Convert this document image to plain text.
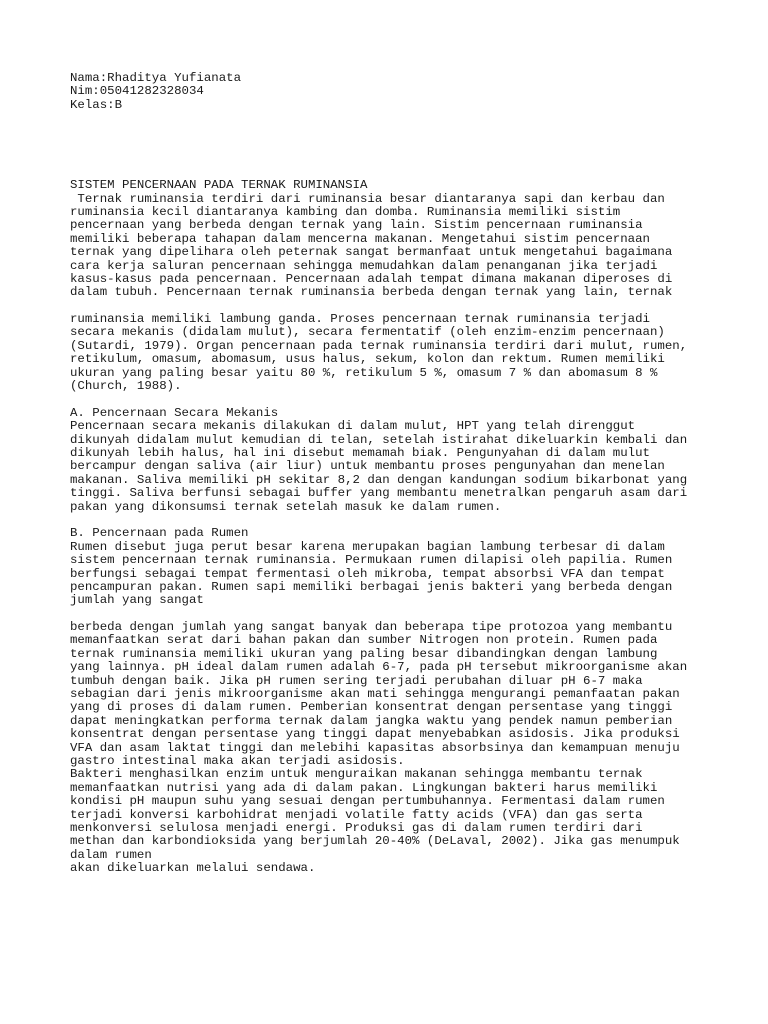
Nama:Rhaditya Yufianata
Nim:05041282328034
Kelas:B
SISTEM PENCERNAAN PADA TERNAK RUMINANSIA
Ternak ruminansia terdiri dari ruminansia besar diantaranya sapi dan kerbau dan
ruminansia kecil diantaranya kambing dan domba. Ruminansia memiliki sistim
pencernaan yang berbeda dengan ternak yang lain. Sistim pencernaan ruminansia
memiliki beberapa tahapan dalam mencerna makanan. Mengetahui sistim pencernaan
ternak yang dipelihara oleh peternak sangat bermanfaat untuk mengetahui bagaimana
cara kerja saluran pencernaan sehingga memudahkan dalam penanganan jika terjadi
kasus-kasus pada pencernaan. Pencernaan adalah tempat dimana makanan diperoses di
dalam tubuh. Pencernaan ternak ruminansia berbeda dengan ternak yang lain, ternak
ruminansia memiliki lambung ganda. Proses pencernaan ternak ruminansia terjadi
secara mekanis (didalam mulut), secara fermentatif (oleh enzim-enzim pencernaan)
(Sutardi, 1979). Organ pencernaan pada ternak ruminansia terdiri dari mulut, rumen,
retikulum, omasum, abomasum, usus halus, sekum, kolon dan rektum. Rumen memiliki
ukuran yang paling besar yaitu 80 %, retikulum 5 %, omasum 7 % dan abomasum 8 %
(Church, 1988).
A. Pencernaan Secara Mekanis
Pencernaan secara mekanis dilakukan di dalam mulut, HPT yang telah direnggut
dikunyah didalam mulut kemudian di telan, setelah istirahat dikeluarkin kembali dan
dikunyah lebih halus, hal ini disebut memamah biak. Pengunyahan di dalam mulut
bercampur dengan saliva (air liur) untuk membantu proses pengunyahan dan menelan
makanan. Saliva memiliki pH sekitar 8,2 dan dengan kandungan sodium bikarbonat yang
tinggi. Saliva berfunsi sebagai buffer yang membantu menetralkan pengaruh asam dari
pakan yang dikonsumsi ternak setelah masuk ke dalam rumen.
B. Pencernaan pada Rumen
Rumen disebut juga perut besar karena merupakan bagian lambung terbesar di dalam
sistem pencernaan ternak ruminansia. Permukaan rumen dilapisi oleh papilia. Rumen
berfungsi sebagai tempat fermentasi oleh mikroba, tempat absorbsi VFA dan tempat
pencampuran pakan. Rumen sapi memiliki berbagai jenis bakteri yang berbeda dengan
jumlah yang sangat
berbeda dengan jumlah yang sangat banyak dan beberapa tipe protozoa yang membantu
memanfaatkan serat dari bahan pakan dan sumber Nitrogen non protein. Rumen pada
ternak ruminansia memiliki ukuran yang paling besar dibandingkan dengan lambung
yang lainnya. pH ideal dalam rumen adalah 6-7, pada pH tersebut mikroorganisme akan
tumbuh dengan baik. Jika pH rumen sering terjadi perubahan diluar pH 6-7 maka
sebagian dari jenis mikroorganisme akan mati sehingga mengurangi pemanfaatan pakan
yang di proses di dalam rumen. Pemberian konsentrat dengan persentase yang tinggi
dapat meningkatkan performa ternak dalam jangka waktu yang pendek namun pemberian
konsentrat dengan persentase yang tinggi dapat menyebabkan asidosis. Jika produksi
VFA dan asam laktat tinggi dan melebihi kapasitas absorbsinya dan kemampuan menuju
gastro intestinal maka akan terjadi asidosis.
Bakteri menghasilkan enzim untuk menguraikan makanan sehingga membantu ternak
memanfaatkan nutrisi yang ada di dalam pakan. Lingkungan bakteri harus memiliki
kondisi pH maupun suhu yang sesuai dengan pertumbuhannya. Fermentasi dalam rumen
terjadi konversi karbohidrat menjadi volatile fatty acids (VFA) dan gas serta
menkonversi selulosa menjadi energi. Produksi gas di dalam rumen terdiri dari
methan dan karbondioksida yang berjumlah 20-40% (DeLaval, 2002). Jika gas menumpuk
dalam rumen
akan dikeluarkan melalui sendawa.
